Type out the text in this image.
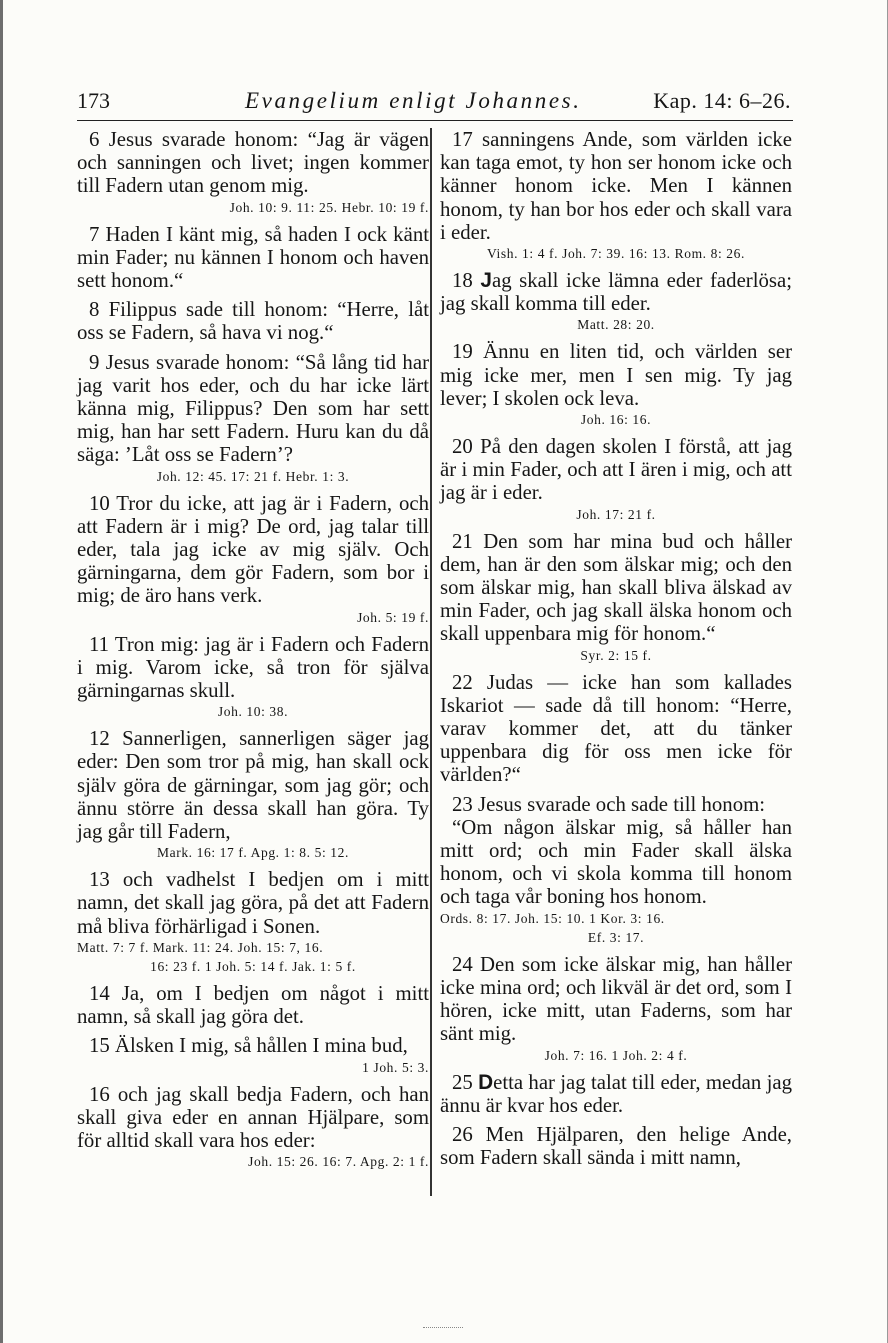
173	Evangelium enligt Johannes.	Kap. 14: 6–26.
6 Jesus svarade honom: “Jag är vägen och sanningen och livet; ingen kommer till Fadern utan genom mig.
Joh. 10: 9. 11: 25. Hebr. 10: 19 f.
7 Haden I känt mig, så haden I ock känt min Fader; nu kännen I honom och haven sett honom.“
8 Filippus sade till honom: “Herre, låt oss se Fadern, så hava vi nog.“
9 Jesus svarade honom: “Så lång tid har jag varit hos eder, och du har icke lärt känna mig, Filippus? Den som har sett mig, han har sett Fadern. Huru kan du då säga: ’Låt oss se Fadern’?
Joh. 12: 45. 17: 21 f. Hebr. 1: 3.
10 Tror du icke, att jag är i Fadern, och att Fadern är i mig? De ord, jag talar till eder, tala jag icke av mig själv. Och gärningarna, dem gör Fadern, som bor i mig; de äro hans verk.
Joh. 5: 19 f.
11 Tron mig: jag är i Fadern och Fadern i mig. Varom icke, så tron för själva gärningarnas skull.
Joh. 10: 38.
12 Sannerligen, sannerligen säger jag eder: Den som tror på mig, han skall ock själv göra de gärningar, som jag gör; och ännu större än dessa skall han göra. Ty jag går till Fadern,
Mark. 16: 17 f. Apg. 1: 8. 5: 12.
13 och vadhelst I bedjen om i mitt namn, det skall jag göra, på det att Fadern må bliva förhärligad i Sonen.
Matt. 7: 7 f. Mark. 11: 24. Joh. 15: 7, 16.
16: 23 f. 1 Joh. 5: 14 f. Jak. 1: 5 f.
14 Ja, om I bedjen om något i mitt namn, så skall jag göra det.
15 Älsken I mig, så hållen I mina bud,
1 Joh. 5: 3.
16 och jag skall bedja Fadern, och han skall giva eder en annan Hjälpare, som för alltid skall vara hos eder:
Joh. 15: 26. 16: 7. Apg. 2: 1 f.
17 sanningens Ande, som världen icke kan taga emot, ty hon ser honom icke och känner honom icke. Men I kännen honom, ty han bor hos eder och skall vara i eder.
Vish. 1: 4 f. Joh. 7: 39. 16: 13. Rom. 8: 26.
18 Jag skall icke lämna eder faderlösa; jag skall komma till eder.
Matt. 28: 20.
19 Ännu en liten tid, och världen ser mig icke mer, men I sen mig. Ty jag lever; I skolen ock leva.
Joh. 16: 16.
20 På den dagen skolen I förstå, att jag är i min Fader, och att I ären i mig, och att jag är i eder.
Joh. 17: 21 f.
21 Den som har mina bud och håller dem, han är den som älskar mig; och den som älskar mig, han skall bliva älskad av min Fader, och jag skall älska honom och skall uppenbara mig för honom.“
Syr. 2: 15 f.
22 Judas — icke han som kallades Iskariot — sade då till honom: “Herre, varav kommer det, att du tänker uppenbara dig för oss men icke för världen?“
23 Jesus svarade och sade till honom:
“Om någon älskar mig, så håller han mitt ord; och min Fader skall älska honom, och vi skola komma till honom och taga vår boning hos honom.
Ords. 8: 17. Joh. 15: 10. 1 Kor. 3: 16.
Ef. 3: 17.
24 Den som icke älskar mig, han håller icke mina ord; och likväl är det ord, som I hören, icke mitt, utan Faderns, som har sänt mig.
Joh. 7: 16. 1 Joh. 2: 4 f.
25 Detta har jag talat till eder, medan jag ännu är kvar hos eder.
26 Men Hjälparen, den helige Ande, som Fadern skall sända i mitt namn,
